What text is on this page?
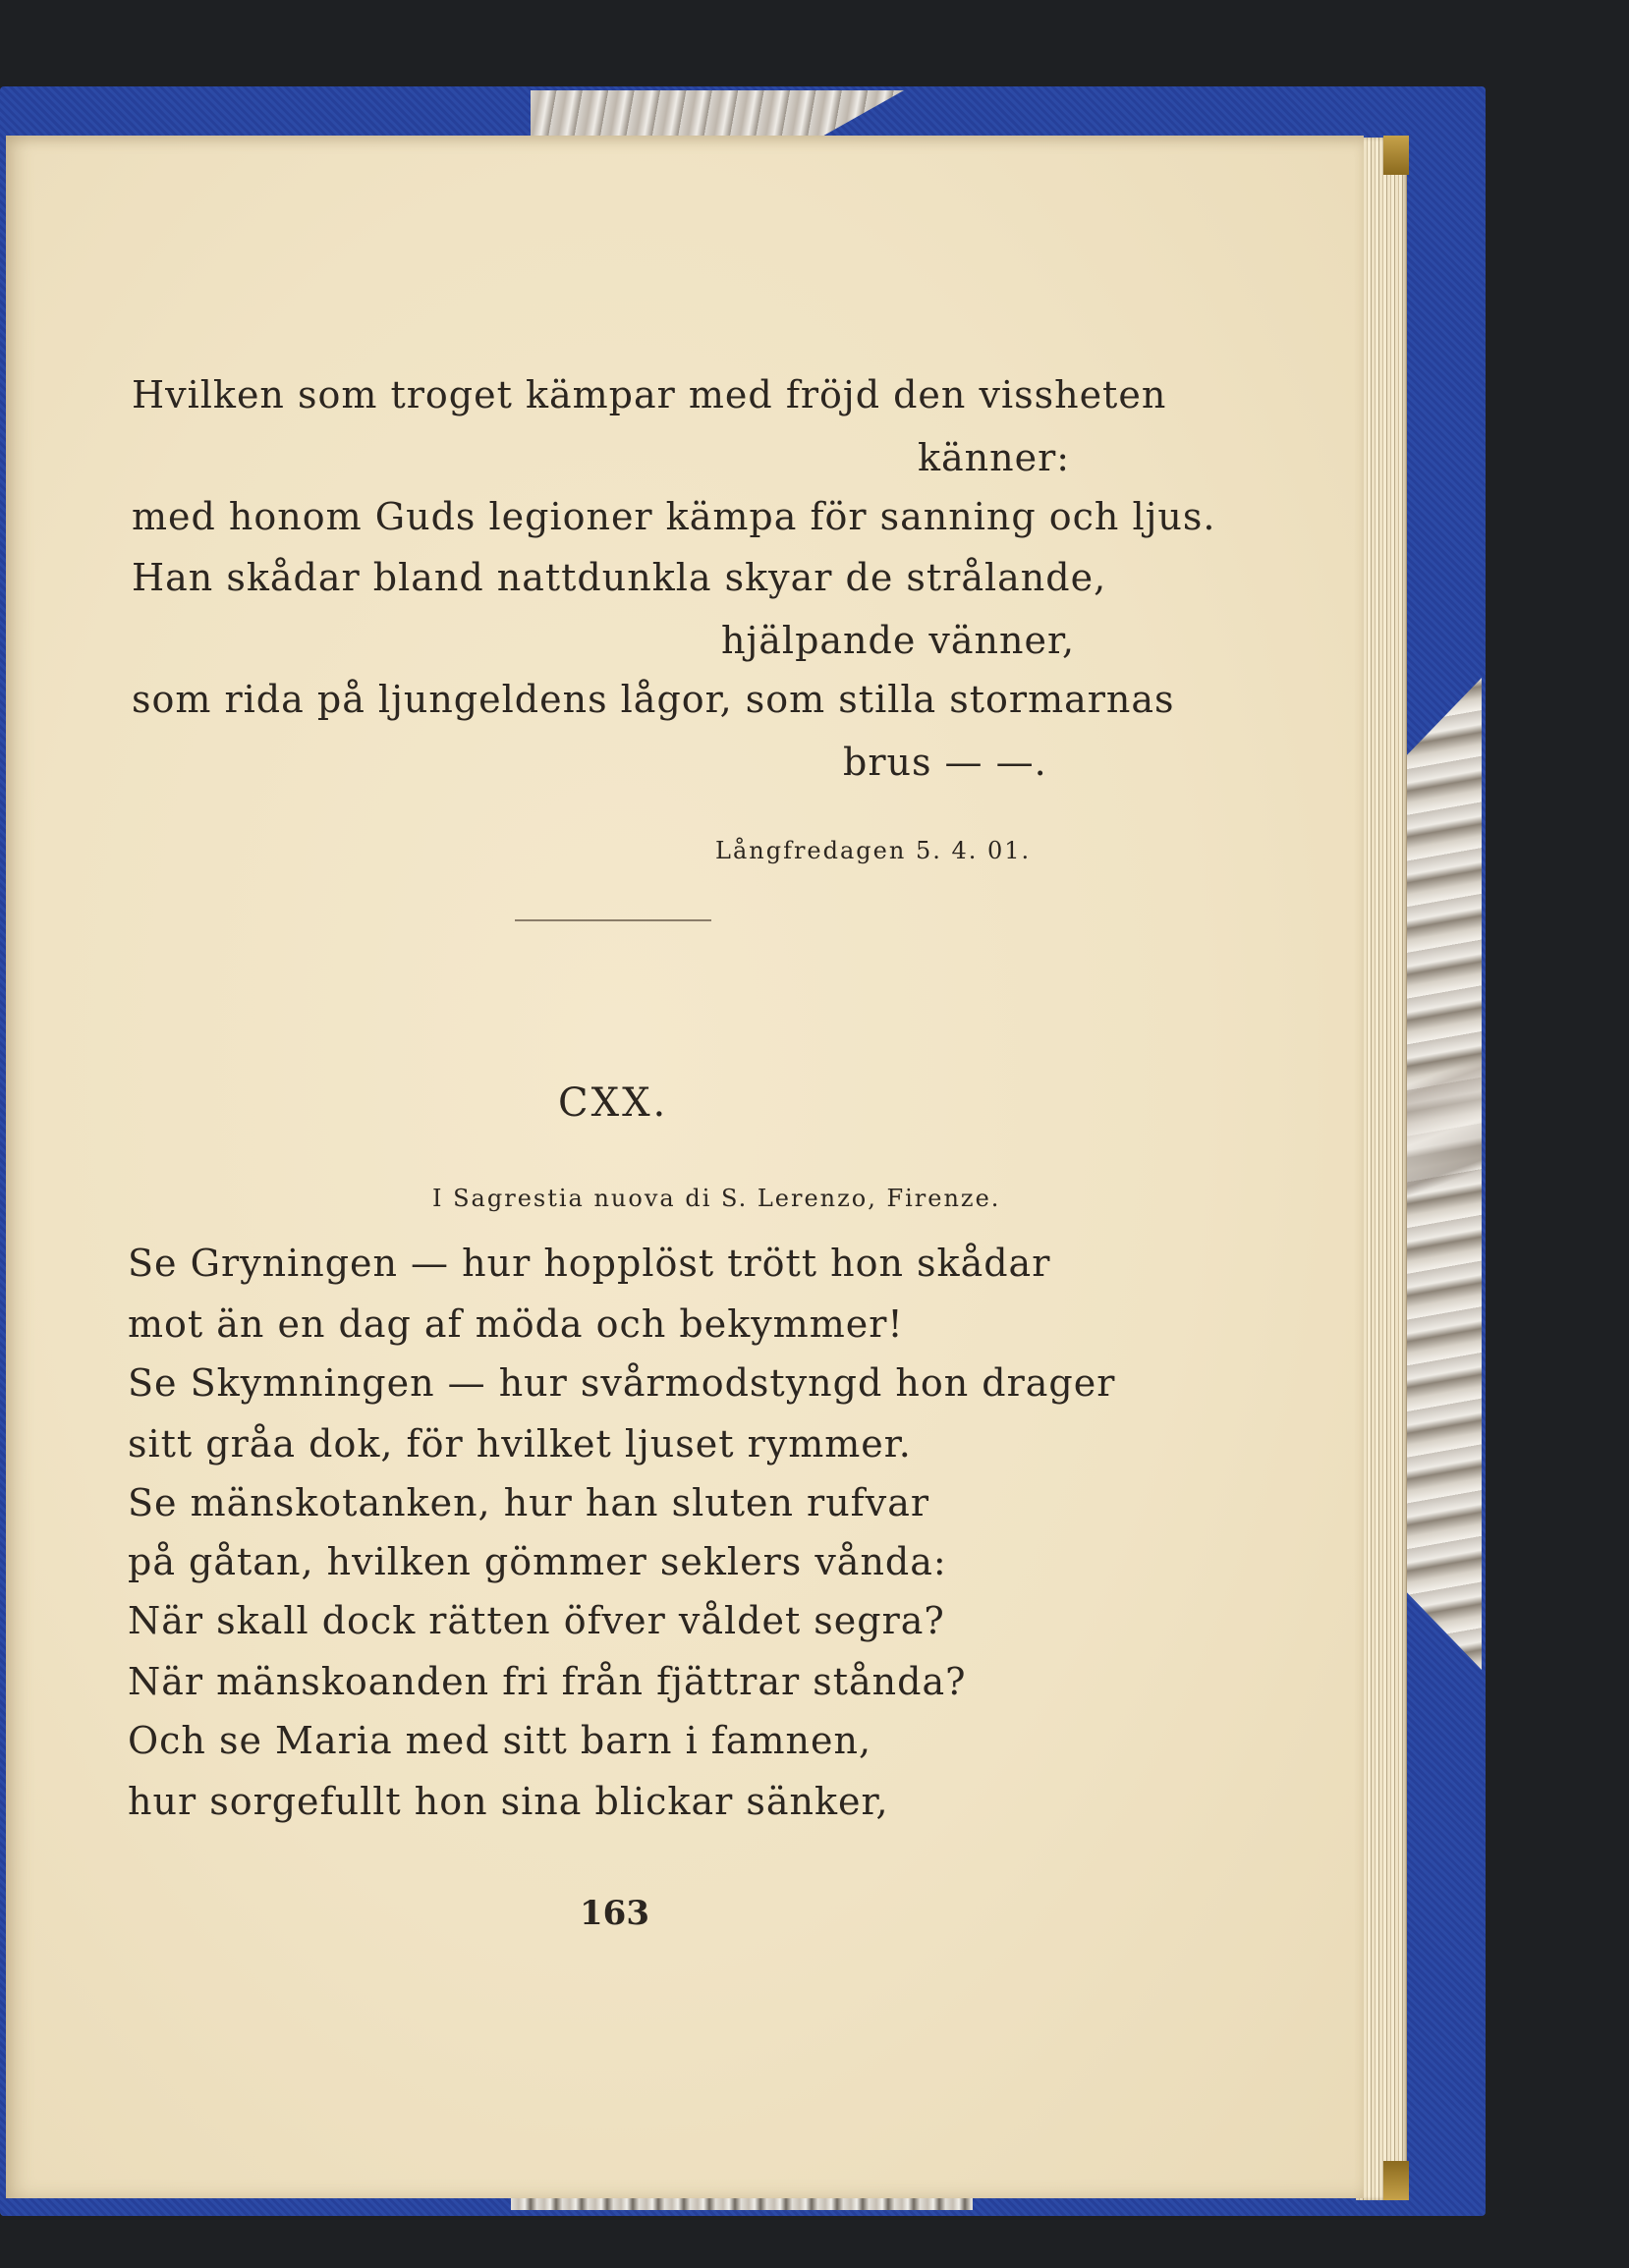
Hvilken som troget kämpar med fröjd den vissheten

känner:

med honom Guds legioner kämpa för sanning och ljus.

Han skådar bland nattdunkla skyar de strålande,

hjälpande vänner,

som rida på ljungeldens lågor, som stilla stormarnas

brus — —.

Långfredagen 5. 4. 01.

CXX.

I Sagrestia nuova di S. Lerenzo, Firenze.

Se Gryningen — hur hopplöst trött hon skådar

mot än en dag af möda och bekymmer!

Se Skymningen — hur svårmodstyngd hon drager

sitt gråa dok, för hvilket ljuset rymmer.

Se mänskotanken, hur han sluten rufvar

på gåtan, hvilken gömmer seklers vånda:

När skall dock rätten öfver våldet segra?

När mänskoanden fri från fjättrar stånda?

Och se Maria med sitt barn i famnen,

hur sorgefullt hon sina blickar sänker,

163
